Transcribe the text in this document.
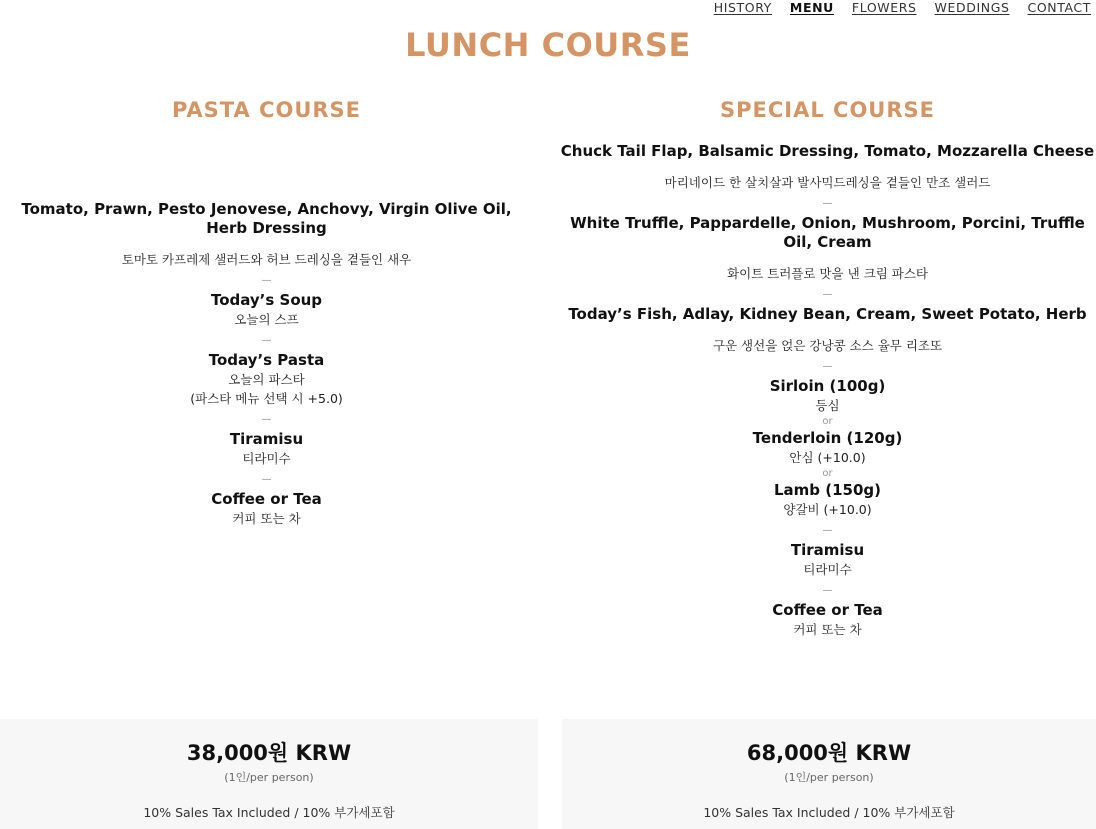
HISTORY MENU FLOWERS WEDDINGS CONTACT
LUNCH COURSE
PASTA COURSE
Tomato, Prawn, Pesto Jenovese, Anchovy, Virgin Olive Oil, Herb Dressing
토마토 카프레제 샐러드와 허브 드레싱을 곁들인 새우
—
Today’s Soup
오늘의 스프
—
Today’s Pasta
오늘의 파스타
(파스타 메뉴 선택 시 +5.0)
—
Tiramisu
티라미수
—
Coffee or Tea
커피 또는 차
SPECIAL COURSE
Chuck Tail Flap, Balsamic Dressing, Tomato, Mozzarella Cheese
마리네이드 한 살치살과 발사믹드레싱을 곁들인 만조 샐러드
—
White Truffle, Pappardelle, Onion, Mushroom, Porcini, Truffle Oil, Cream
화이트 트러플로 맛을 낸 크림 파스타
—
Today’s Fish, Adlay, Kidney Bean, Cream, Sweet Potato, Herb
구운 생선을 얹은 강낭콩 소스 율무 리조또
—
Sirloin (100g)
등심
or
Tenderloin (120g)
안심 (+10.0)
or
Lamb (150g)
양갈비 (+10.0)
—
Tiramisu
티라미수
—
Coffee or Tea
커피 또는 차
38,000원 KRW
(1인/per person)
10% Sales Tax Included / 10% 부가세포함
68,000원 KRW
(1인/per person)
10% Sales Tax Included / 10% 부가세포함
